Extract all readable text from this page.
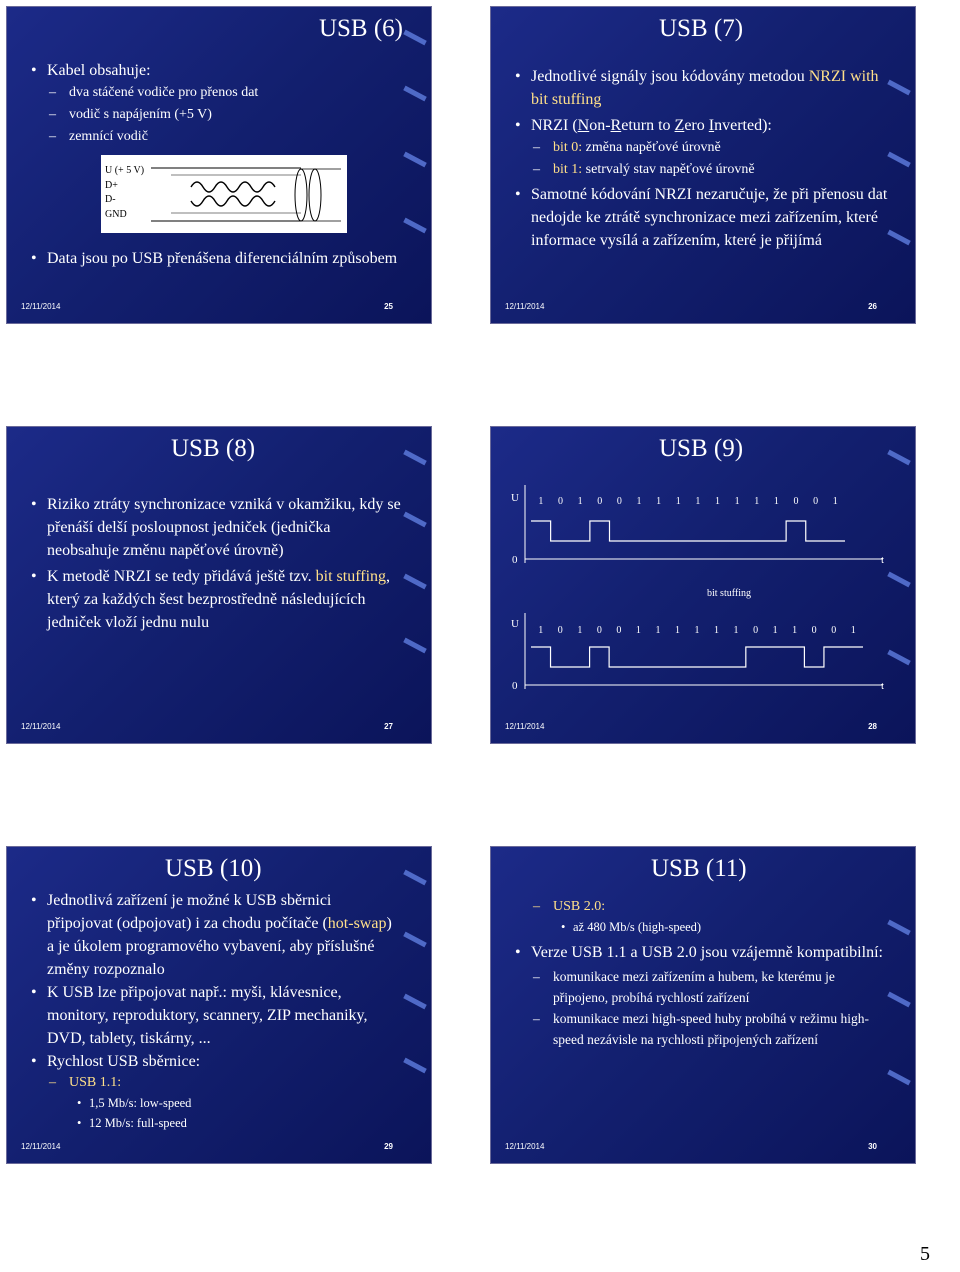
USB (6)
• Kabel obsahuje:
– dva stáčené vodiče pro přenos dat
– vodič s napájením (+5 V)
– zemnící vodič
U (+ 5 V)
D+
D-
GND
• Data jsou po USB přenášena diferenciálním způsobem
12/11/2014	25
USB (7)
• Jednotlivé signály jsou kódovány metodou NRZI with bit stuffing
• NRZI (Non-Return to Zero Inverted):
– bit 0: změna napěťové úrovně
– bit 1: setrvalý stav napěťové úrovně
• Samotné kódování NRZI nezaručuje, že při přenosu dat nedojde ke ztrátě synchronizace mezi zařízením, které informace vysílá a zařízením, které je přijímá
12/11/2014	26
USB (8)
• Riziko ztráty synchronizace vzniká v okamžiku, kdy se přenáší delší posloupnost jedniček (jednička neobsahuje změnu napěťové úrovně)
• K metodě NRZI se tedy přidává ještě tzv. bit stuffing, který za každých šest bezprostředně následujících jedniček vloží jednu nulu
12/11/2014	27
USB (9)
U
0	t
bit stuffing
U
0	t
1 0 1 0 0 1 1 1 1 1 1 1 1 0 0 1
1 0 1 0 0 1 1 1 1 1 1 0 1 1 0 0 1
12/11/2014	28
USB (10)
• Jednotlivá zařízení je možné k USB sběrnici připojovat (odpojovat) i za chodu počítače (hot-swap) a je úkolem programového vybavení, aby příslušné změny rozpoznalo
• K USB lze připojovat např.: myši, klávesnice, monitory, reproduktory, scannery, ZIP mechaniky, DVD, tablety, tiskárny, ...
• Rychlost USB sběrnice:
– USB 1.1:
• 1,5 Mb/s: low-speed
• 12 Mb/s: full-speed
12/11/2014	29
USB (11)
– USB 2.0:
• až 480 Mb/s (high-speed)
• Verze USB 1.1 a USB 2.0 jsou vzájemně kompatibilní:
– komunikace mezi zařízením a hubem, ke kterému je připojeno, probíhá rychlostí zařízení
– komunikace mezi high-speed huby probíhá v režimu high-speed nezávisle na rychlosti připojených zařízení
12/11/2014	30
5
